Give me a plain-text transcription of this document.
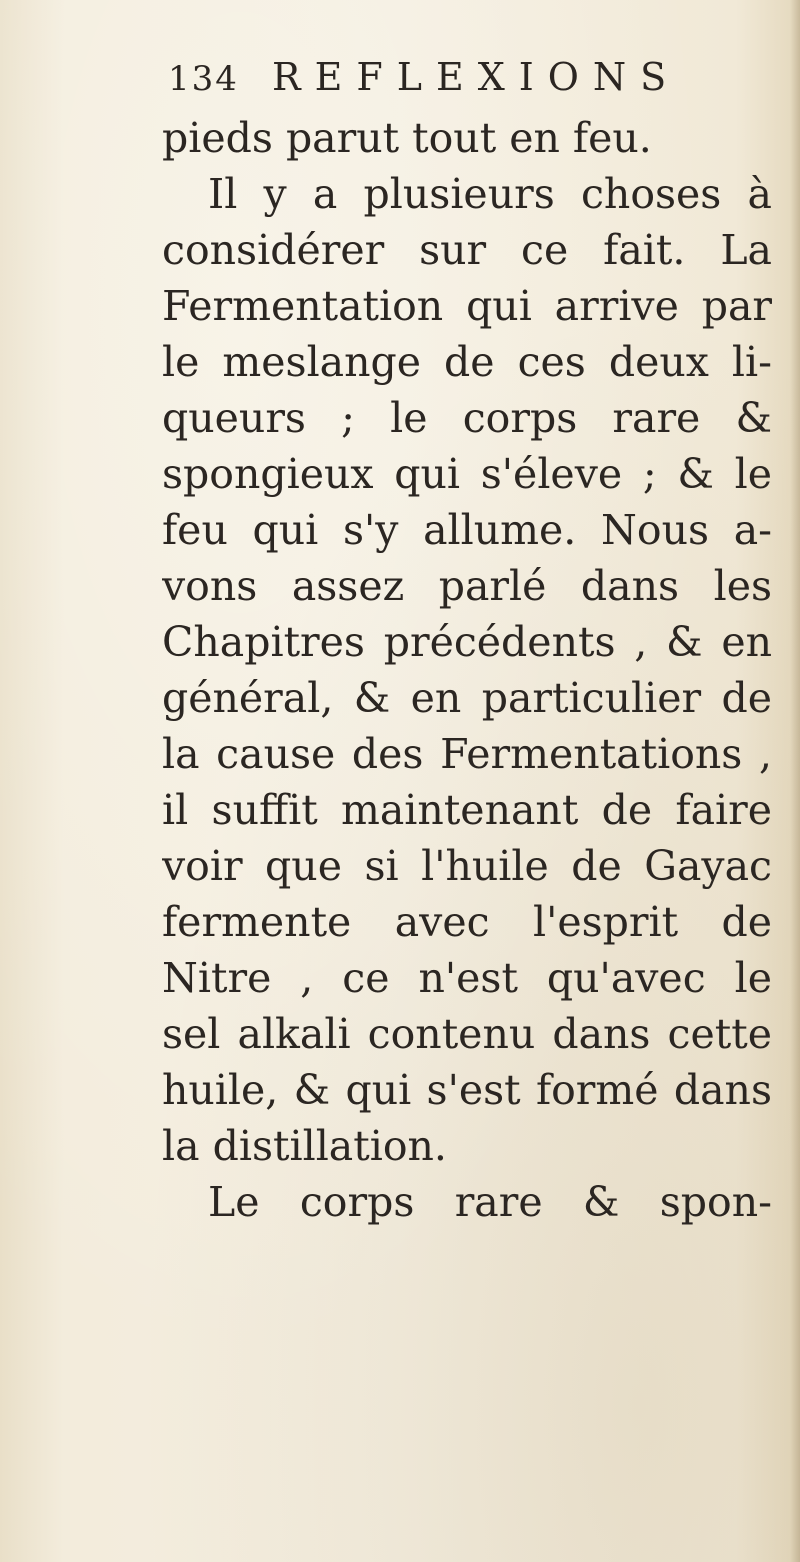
134 REFLEXIONS
pieds parut tout en feu.
Il y a plusieurs choses à
considérer sur ce fait. La
Fermentation qui arrive par
le meslange de ces deux li-
queurs ; le corps rare &
spongieux qui s'éleve ; & le
feu qui s'y allume. Nous a-
vons assez parlé dans les
Chapitres précédents , & en
général, & en particulier de
la cause des Fermentations ,
il suffit maintenant de faire
voir que si l'huile de Gayac
fermente avec l'esprit de
Nitre , ce n'est qu'avec le
sel alkali contenu dans cette
huile, & qui s'est formé dans
la distillation.
Le corps rare & spon-
